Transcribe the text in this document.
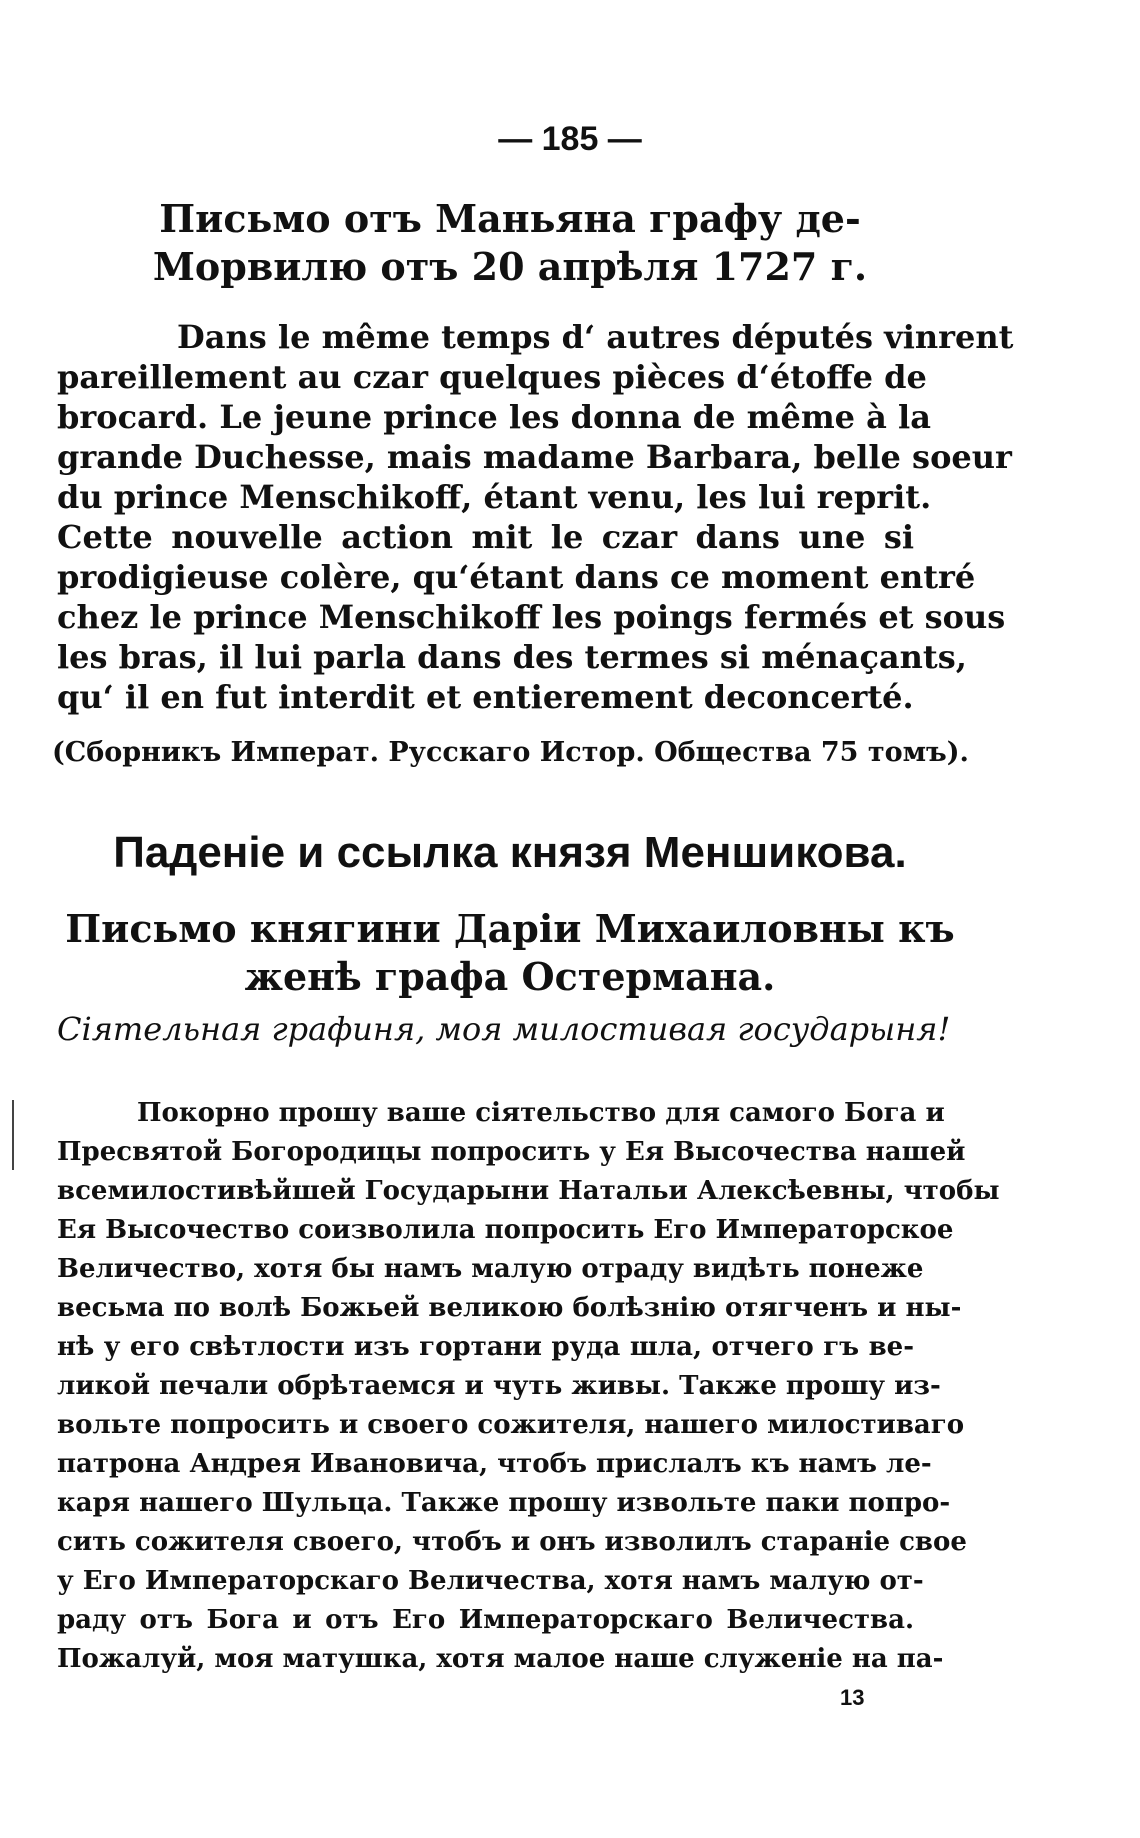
— 185 —
Письмо отъ Маньяна графу де-Морвилю отъ 20 апрѣля 1727 г.
Dans le même temps d‘ autres députés vinrent
pareillement au czar quelques pièces d‘étoffe de
brocard. Le jeune prince les donna de même à la
grande Duchesse, mais madame Barbara, belle soeur
du prince Menschikoff, étant venu, les lui reprit.
Cette nouvelle action mit le czar dans une si
prodigieuse colère, qu‘étant dans ce moment entré
chez le prince Menschikoff les poings fermés et sous
les bras, il lui parla dans des termes si ménaçants,
qu‘ il en fut interdit et entierement deconcerté.
(Сборникъ Императ. Русскаго Истор. Общества 75 томъ).
Паденіе и ссылка князя Меншикова.
Письмо княгини Даріи Михаиловны къ женѣ графа Остермана.
Сіятельная графиня, моя милостивая государыня!
Покорно прошу ваше сіятельство для самого Бога и
Пресвятой Богородицы попросить у Ея Высочества нашей
всемилостивѣйшей Государыни Натальи Алексѣевны, чтобы
Ея Высочество соизволила попросить Его Императорское
Величество, хотя бы намъ малую отраду видѣть понеже
весьма по волѣ Божьей великою болѣзнію отягченъ и ны-
нѣ у его свѣтлости изъ гортани руда шла, отчего гъ ве-
ликой печали обрѣтаемся и чуть живы. Также прошу из-
вольте попросить и своего сожителя, нашего милостиваго
патрона Андрея Ивановича, чтобъ прислалъ къ намъ ле-
каря нашего Шульца. Также прошу извольте паки попро-
сить сожителя своего, чтобъ и онъ изволилъ стараніе свое
у Его Императорскаго Величества, хотя намъ малую от-
раду отъ Бога и отъ Его Императорскаго Величества.
Пожалуй, моя матушка, хотя малое наше служеніе на па-
13
